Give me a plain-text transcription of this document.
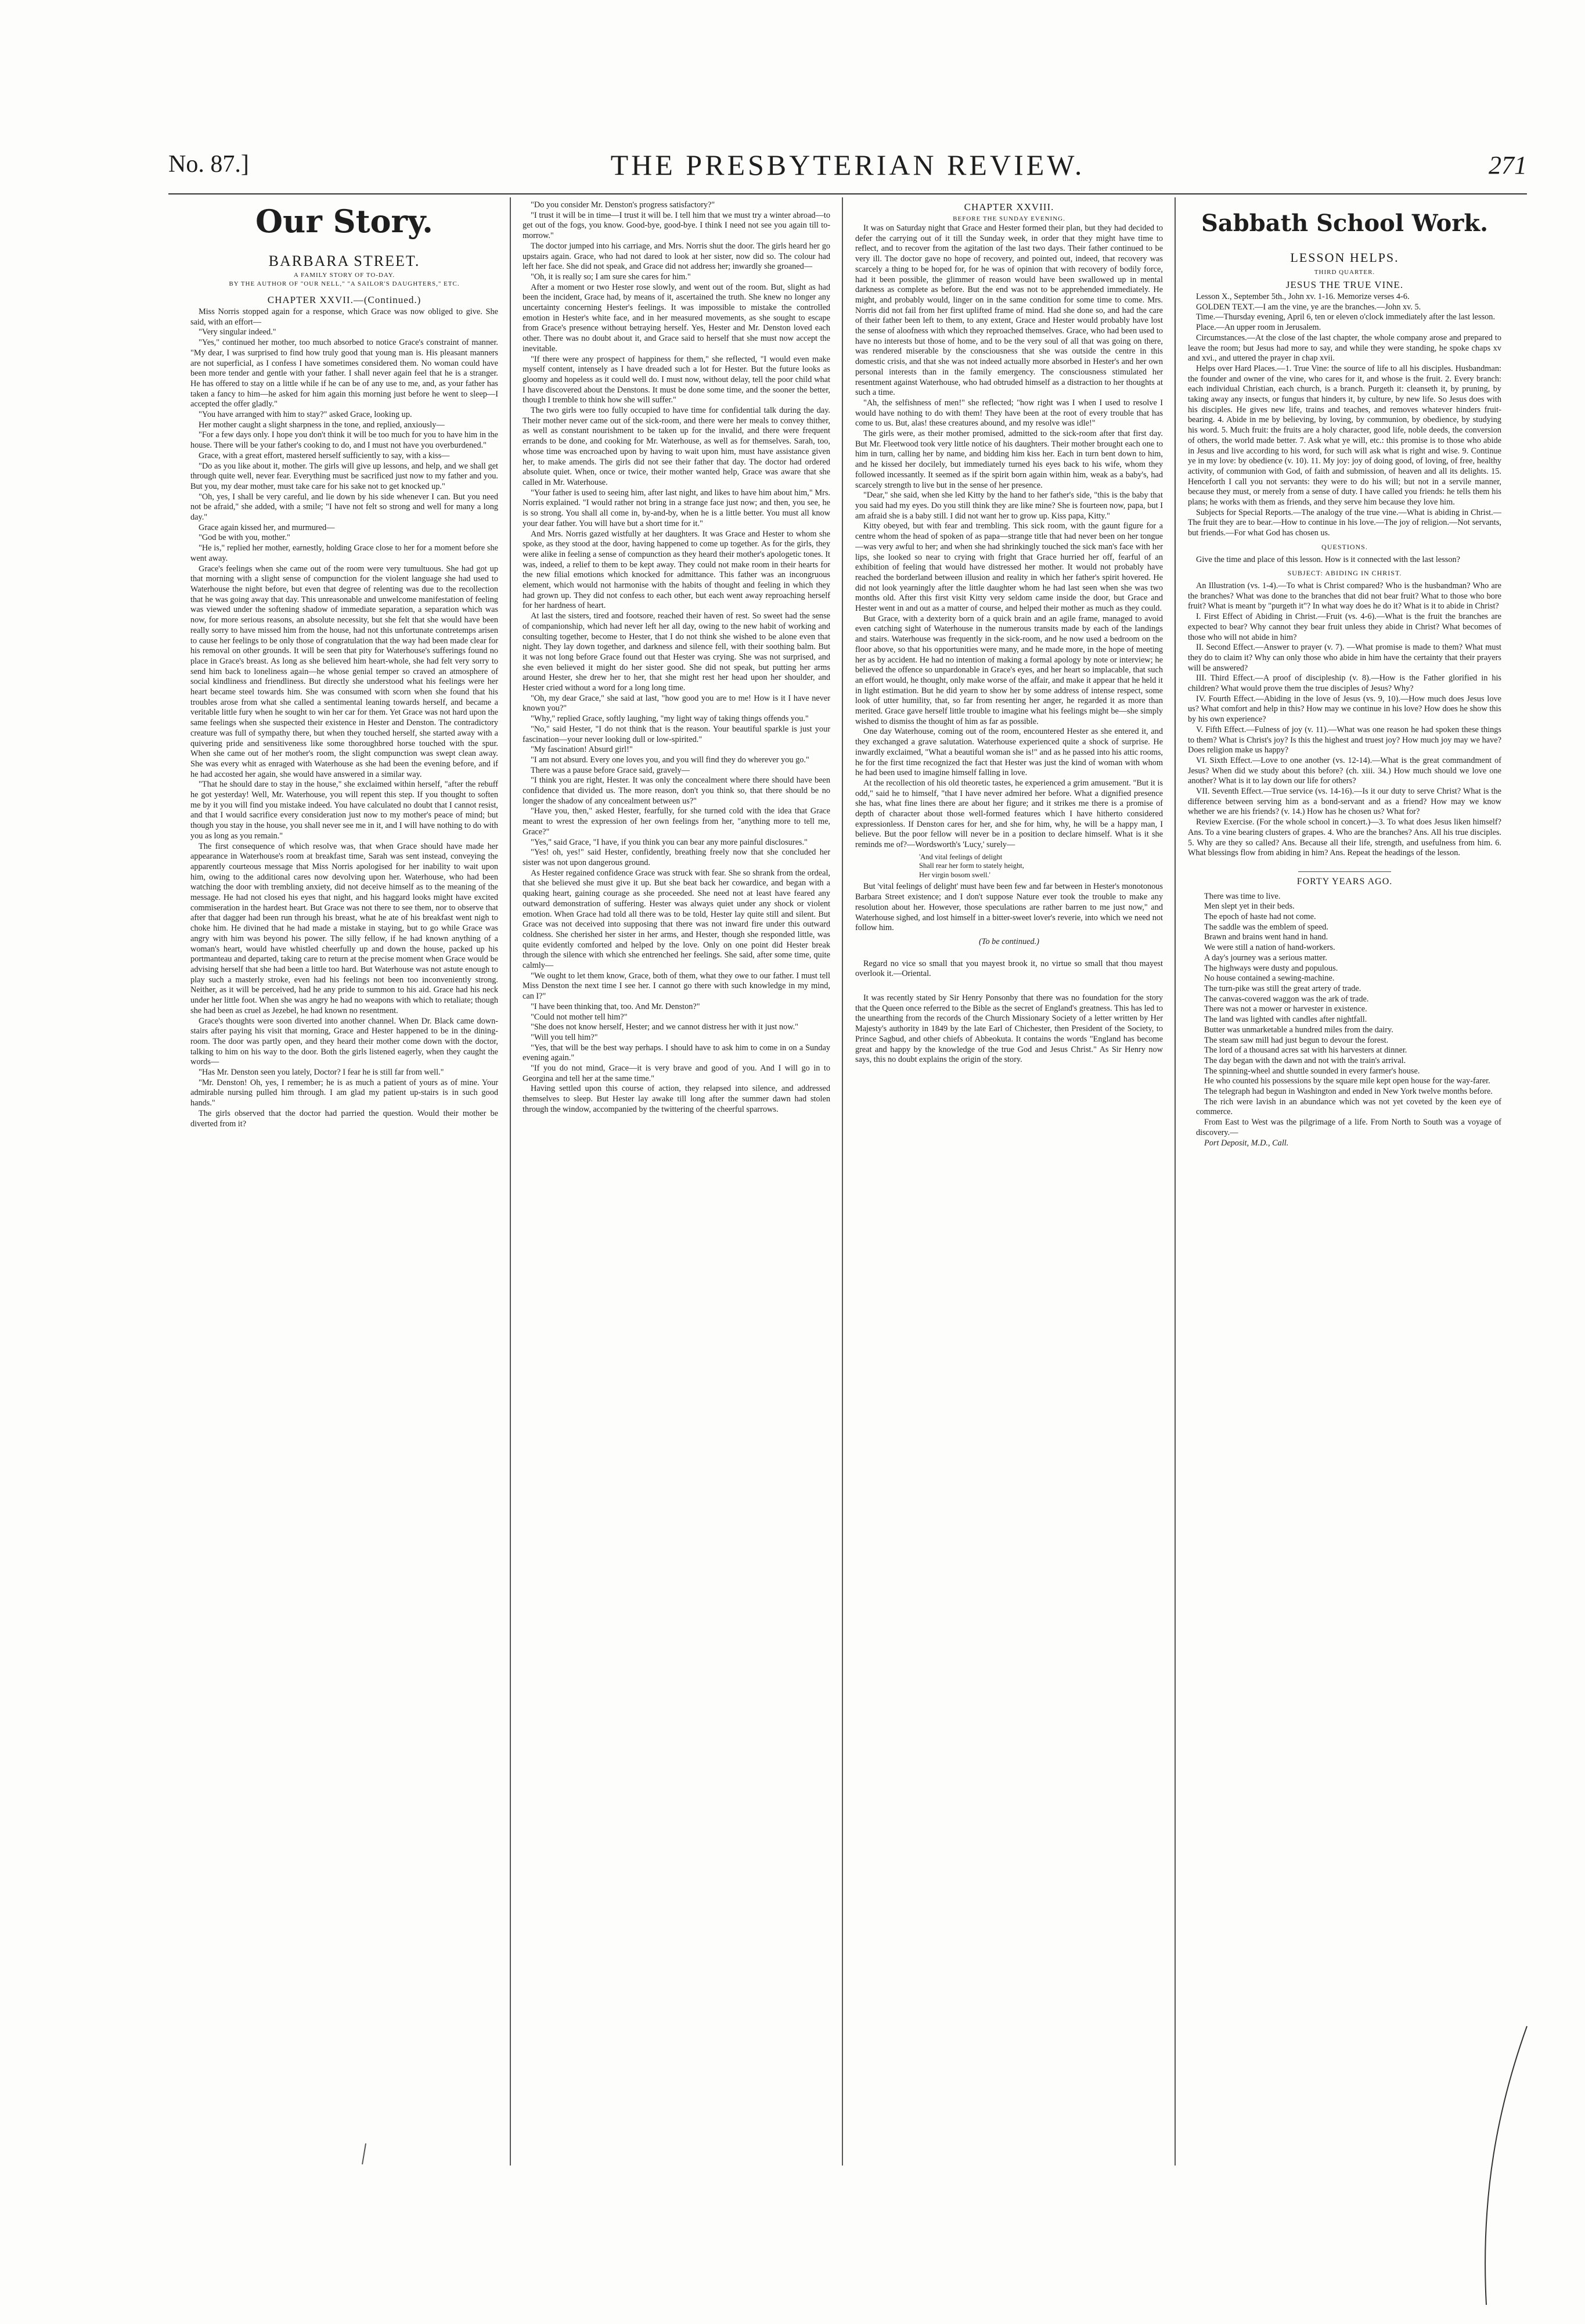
No. 87.]	THE PRESBYTERIAN REVIEW.	271
Our Story.
BARBARA STREET.
A FAMILY STORY OF TO-DAY.
BY THE AUTHOR OF "OUR NELL," "A SAILOR'S DAUGHTERS," ETC.
CHAPTER XXVII.—(Continued.)

Miss Norris stopped again for a response, which Grace was now obliged to give. She said, with an effort—

"Very singular indeed."

"Yes," continued her mother, too much absorbed to notice Grace's constraint of manner. "My dear, I was surprised to find how truly good that young man is. His pleasant manners are not superficial, as I confess I have sometimes considered them. No woman could have been more tender and gentle with your father. I shall never again feel that he is a stranger. He has offered to stay on a little while if he can be of any use to me, and, as your father has taken a fancy to him—he asked for him again this morning just before he went to sleep—I accepted the offer gladly."

"You have arranged with him to stay?" asked Grace, looking up.

Her mother caught a slight sharpness in the tone, and replied, anxiously—

"For a few days only. I hope you don't think it will be too much for you to have him in the house. There will be your father's cooking to do, and I must not have you overburdened."

Grace, with a great effort, mastered herself sufficiently to say, with a kiss—

"Do as you like about it, mother. The girls will give up lessons, and help, and we shall get through quite well, never fear. Everything must be sacrificed just now to my father and you. But you, my dear mother, must take care for his sake not to get knocked up."

"Oh, yes, I shall be very careful, and lie down by his side whenever I can. But you need not be afraid," she added, with a smile; "I have not felt so strong and well for many a long day."

Grace again kissed her, and murmured—

"God be with you, mother."

"He is," replied her mother, earnestly, holding Grace close to her for a moment before she went away.

Grace's feelings when she came out of the room were very tumultuous. She had got up that morning with a slight sense of compunction for the violent language she had used to Waterhouse the night before, but even that degree of relenting was due to the recollection that he was going away that day. This unreasonable and unwelcome manifestation of feeling was viewed under the softening shadow of immediate separation, a separation which was now, for more serious reasons, an absolute necessity, but she felt that she would have been really sorry to have missed him from the house, had not this unfortunate contretemps arisen to cause her feelings to be only those of congratulation that the way had been made clear for his removal on other grounds. It will be seen that pity for Waterhouse's sufferings found no place in Grace's breast. As long as she believed him heart-whole, she had felt very sorry to send him back to loneliness again—he whose genial temper so craved an atmosphere of social kindliness and friendliness. But directly she understood what his feelings were her heart became steel towards him. She was consumed with scorn when she found that his troubles arose from what she called a sentimental leaning towards herself, and became a veritable little fury when he sought to win her car for them. Yet Grace was not hard upon the same feelings when she suspected their existence in Hester and Denston. The contradictory creature was full of sympathy there, but when they touched herself, she started away with a quivering pride and sensitiveness like some thoroughbred horse touched with the spur. When she came out of her mother's room, the slight compunction was swept clean away. She was every whit as enraged with Waterhouse as she had been the evening before, and if he had accosted her again, she would have answered in a similar way.

"That he should dare to stay in the house," she exclaimed within herself, "after the rebuff he got yesterday! Well, Mr. Waterhouse, you will repent this step. If you thought to soften me by it you will find you mistake indeed. You have calculated no doubt that I cannot resist, and that I would sacrifice every consideration just now to my mother's peace of mind; but though you stay in the house, you shall never see me in it, and I will have nothing to do with you as long as you remain."

The first consequence of which resolve was, that when Grace should have made her appearance in Waterhouse's room at breakfast time, Sarah was sent instead, conveying the apparently courteous message that Miss Norris apologised for her inability to wait upon him, owing to the additional cares now devolving upon her. Waterhouse, who had been watching the door with trembling anxiety, did not deceive himself as to the meaning of the message. He had not closed his eyes that night, and his haggard looks might have excited commiseration in the hardest heart. But Grace was not there to see them, nor to observe that after that dagger had been run through his breast, what he ate of his breakfast went nigh to choke him. He divined that he had made a mistake in staying, but to go while Grace was angry with him was beyond his power. The silly fellow, if he had known anything of a woman's heart, would have whistled cheerfully up and down the house, packed up his portmanteau and departed, taking care to return at the precise moment when Grace would be advising herself that she had been a little too hard. But Waterhouse was not astute enough to play such a masterly stroke, even had his feelings not been too inconveniently strong. Neither, as it will be perceived, had he any pride to summon to his aid. Grace had his neck under her little foot. When she was angry he had no weapons with which to retaliate; though she had been as cruel as Jezebel, he had known no resentment.

Grace's thoughts were soon diverted into another channel. When Dr. Black came down-stairs after paying his visit that morning, Grace and Hester happened to be in the dining-room. The door was partly open, and they heard their mother come down with the doctor, talking to him on his way to the door. Both the girls listened eagerly, when they caught the words—

"Has Mr. Denston seen you lately, Doctor? I fear he is still far from well."

"Mr. Denston! Oh, yes, I remember; he is as much a patient of yours as of mine. Your admirable nursing pulled him through. I am glad my patient up-stairs is in such good hands."

The girls observed that the doctor had parried the question. Would their mother be diverted from it?

"Do you consider Mr. Denston's progress satisfactory?"

"I trust it will be in time—I trust it will be. I tell him that we must try a winter abroad—to get out of the fogs, you know. Good-bye, good-bye. I think I need not see you again till to-morrow."

The doctor jumped into his carriage, and Mrs. Norris shut the door. The girls heard her go upstairs again. Grace, who had not dared to look at her sister, now did so. The colour had left her face. She did not speak, and Grace did not address her; inwardly she groaned—

"Oh, it is really so; I am sure she cares for him."

After a moment or two Hester rose slowly, and went out of the room. But, slight as had been the incident, Grace had, by means of it, ascertained the truth. She knew no longer any uncertainty concerning Hester's feelings. It was impossible to mistake the controlled emotion in Hester's white face, and in her measured movements, as she sought to escape from Grace's presence without betraying herself. Yes, Hester and Mr. Denston loved each other. There was no doubt about it, and Grace said to herself that she must now accept the inevitable.

"If there were any prospect of happiness for them," she reflected, "I would even make myself content, intensely as I have dreaded such a lot for Hester. But the future looks as gloomy and hopeless as it could well do. I must now, without delay, tell the poor child what I have discovered about the Denstons. It must be done some time, and the sooner the better, though I tremble to think how she will suffer."

The two girls were too fully occupied to have time for confidential talk during the day. Their mother never came out of the sick-room, and there were her meals to convey thither, as well as constant nourishment to be taken up for the invalid, and there were frequent errands to be done, and cooking for Mr. Waterhouse, as well as for themselves. Sarah, too, whose time was encroached upon by having to wait upon him, must have assistance given her, to make amends. The girls did not see their father that day. The doctor had ordered absolute quiet. When, once or twice, their mother wanted help, Grace was aware that she called in Mr. Waterhouse.

"Your father is used to seeing him, after last night, and likes to have him about him," Mrs. Norris explained. "I would rather not bring in a strange face just now; and then, you see, he is so strong. You shall all come in, by-and-by, when he is a little better. You must all know your dear father. You will have but a short time for it."

And Mrs. Norris gazed wistfully at her daughters. It was Grace and Hester to whom she spoke, as they stood at the door, having happened to come up together. As for the girls, they were alike in feeling a sense of compunction as they heard their mother's apologetic tones. It was, indeed, a relief to them to be kept away. They could not make room in their hearts for the new filial emotions which knocked for admittance. This father was an incongruous element, which would not harmonise with the habits of thought and feeling in which they had grown up. They did not confess to each other, but each went away reproaching herself for her hardness of heart.

At last the sisters, tired and footsore, reached their haven of rest. So sweet had the sense of companionship, which had never left her all day, owing to the new habit of working and consulting together, become to Hester, that I do not think she wished to be alone even that night. They lay down together, and darkness and silence fell, with their soothing balm. But it was not long before Grace found out that Hester was crying. She was not surprised, and she even believed it might do her sister good. She did not speak, but putting her arms around Hester, she drew her to her, that she might rest her head upon her shoulder, and Hester cried without a word for a long long time.

"Oh, my dear Grace," she said at last, "how good you are to me! How is it I have never known you?"

"Why," replied Grace, softly laughing, "my light way of taking things offends you."

"No," said Hester, "I do not think that is the reason. Your beautiful sparkle is just your fascination—your never looking dull or low-spirited."

"My fascination! Absurd girl!"

"I am not absurd. Every one loves you, and you will find they do wherever you go."

There was a pause before Grace said, gravely—

"I think you are right, Hester. It was only the concealment where there should have been confidence that divided us. The more reason, don't you think so, that there should be no longer the shadow of any concealment between us?"

"Have you, then," asked Hester, fearfully, for she turned cold with the idea that Grace meant to wrest the expression of her own feelings from her, "anything more to tell me, Grace?"

"Yes," said Grace, "I have, if you think you can bear any more painful disclosures."

"Yes! oh, yes!" said Hester, confidently, breathing freely now that she concluded her sister was not upon dangerous ground.

As Hester regained confidence Grace was struck with fear. She so shrank from the ordeal, that she believed she must give it up. But she beat back her cowardice, and began with a quaking heart, gaining courage as she proceeded. She need not at least have feared any outward demonstration of suffering. Hester was always quiet under any shock or violent emotion. When Grace had told all there was to be told, Hester lay quite still and silent. But Grace was not deceived into supposing that there was not inward fire under this outward coldness. She cherished her sister in her arms, and Hester, though she responded little, was quite evidently comforted and helped by the love. Only on one point did Hester break through the silence with which she entrenched her feelings. She said, after some time, quite calmly—

"We ought to let them know, Grace, both of them, what they owe to our father. I must tell Miss Denston the next time I see her. I cannot go there with such knowledge in my mind, can I?"

"I have been thinking that, too. And Mr. Denston?"

"Could not mother tell him?"

"She does not know herself, Hester; and we cannot distress her with it just now."

"Will you tell him?"

"Yes, that will be the best way perhaps. I should have to ask him to come in on a Sunday evening again."

"If you do not mind, Grace—it is very brave and good of you. And I will go in to Georgina and tell her at the same time."

Having settled upon this course of action, they relapsed into silence, and addressed themselves to sleep. But Hester lay awake till long after the summer dawn had stolen through the window, accompanied by the twittering of the cheerful sparrows.

CHAPTER XXVIII.
BEFORE THE SUNDAY EVENING.

It was on Saturday night that Grace and Hester formed their plan, but they had decided to defer the carrying out of it till the Sunday week, in order that they might have time to reflect, and to recover from the agitation of the last two days. Their father continued to be very ill. The doctor gave no hope of recovery, and pointed out, indeed, that recovery was scarcely a thing to be hoped for, for he was of opinion that with recovery of bodily force, had it been possible, the glimmer of reason would have been swallowed up in mental darkness as complete as before. But the end was not to be apprehended immediately. He might, and probably would, linger on in the same condition for some time to come. Mrs. Norris did not fail from her first uplifted frame of mind. Had she done so, and had the care of their father been left to them, to any extent, Grace and Hester would probably have lost the sense of aloofness with which they reproached themselves. Grace, who had been used to have no interests but those of home, and to be the very soul of all that was going on there, was rendered miserable by the consciousness that she was outside the centre in this domestic crisis, and that she was not indeed actually more absorbed in Hester's and her own personal interests than in the family emergency. The consciousness stimulated her resentment against Waterhouse, who had obtruded himself as a distraction to her thoughts at such a time.

"Ah, the selfishness of men!" she reflected; "how right was I when I used to resolve I would have nothing to do with them! They have been at the root of every trouble that has come to us. But, alas! these creatures abound, and my resolve was idle!"

The girls were, as their mother promised, admitted to the sick-room after that first day. But Mr. Fleetwood took very little notice of his daughters. Their mother brought each one to him in turn, calling her by name, and bidding him kiss her. Each in turn bent down to him, and he kissed her docilely, but immediately turned his eyes back to his wife, whom they followed incessantly. It seemed as if the spirit born again within him, weak as a baby's, had scarcely strength to live but in the sense of her presence.

"Dear," she said, when she led Kitty by the hand to her father's side, "this is the baby that you said had my eyes. Do you still think they are like mine? She is fourteen now, papa, but I am afraid she is a baby still. I did not want her to grow up. Kiss papa, Kitty."

Kitty obeyed, but with fear and trembling. This sick room, with the gaunt figure for a centre whom the head of spoken of as papa—strange title that had never been on her tongue—was very awful to her; and when she had shrinkingly touched the sick man's face with her lips, she looked so near to crying with fright that Grace hurried her off, fearful of an exhibition of feeling that would have distressed her mother. It would not probably have reached the borderland between illusion and reality in which her father's spirit hovered. He did not look yearningly after the little daughter whom he had last seen when she was two months old. After this first visit Kitty very seldom came inside the door, but Grace and Hester went in and out as a matter of course, and helped their mother as much as they could.

But Grace, with a dexterity born of a quick brain and an agile frame, managed to avoid even catching sight of Waterhouse in the numerous transits made by each of the landings and stairs. Waterhouse was frequently in the sick-room, and he now used a bedroom on the floor above, so that his opportunities were many, and he made more, in the hope of meeting her as by accident. He had no intention of making a formal apology by note or interview; he believed the offence so unpardonable in Grace's eyes, and her heart so implacable, that such an effort would, he thought, only make worse of the affair, and make it appear that he held it in light estimation. But he did yearn to show her by some address of intense respect, some look of utter humility, that, so far from resenting her anger, he regarded it as more than merited. Grace gave herself little trouble to imagine what his feelings might be—she simply wished to dismiss the thought of him as far as possible.

One day Waterhouse, coming out of the room, encountered Hester as she entered it, and they exchanged a grave salutation. Waterhouse experienced quite a shock of surprise. He inwardly exclaimed, "What a beautiful woman she is!" and as he passed into his attic rooms, he for the first time recognized the fact that Hester was just the kind of woman with whom he had been used to imagine himself falling in love.

At the recollection of his old theoretic tastes, he experienced a grim amusement. "But it is odd," said he to himself, "that I have never admired her before. What a dignified presence she has, what fine lines there are about her figure; and it strikes me there is a promise of depth of character about those well-formed features which I have hitherto considered expressionless. If Denston cares for her, and she for him, why, he will be a happy man, I believe. But the poor fellow will never be in a position to declare himself. What is it she reminds me of?—Wordsworth's 'Lucy,' surely—

'And vital feelings of delight
Shall rear her form to stately height,
Her virgin bosom swell.'

But 'vital feelings of delight' must have been few and far between in Hester's monotonous Barbara Street existence; and I don't suppose Nature ever took the trouble to make any resolution about her. However, those speculations are rather barren to me just now," and Waterhouse sighed, and lost himself in a bitter-sweet lover's reverie, into which we need not follow him.

(To be continued.)

Regard no vice so small that you mayest brook it, no virtue so small that thou mayest overlook it.—Oriental.

It was recently stated by Sir Henry Ponsonby that there was no foundation for the story that the Queen once referred to the Bible as the secret of England's greatness. This has led to the unearthing from the records of the Church Missionary Society of a letter written by Her Majesty's authority in 1849 by the late Earl of Chichester, then President of the Society, to Prince Sagbud, and other chiefs of Abbeokuta. It contains the words "England has become great and happy by the knowledge of the true God and Jesus Christ." As Sir Henry now says, this no doubt explains the origin of the story.

Sabbath School Work.
LESSON HELPS.
THIRD QUARTER.
JESUS THE TRUE VINE.

Lesson X., September 5th., John xv. 1-16. Memorize verses 4-6.

GOLDEN TEXT.—I am the vine, ye are the branches.—John xv. 5.

Time.—Thursday evening, April 6, ten or eleven o'clock immediately after the last lesson.

Place.—An upper room in Jerusalem.

Circumstances.—At the close of the last chapter, the whole company arose and prepared to leave the room; but Jesus had more to say, and while they were standing, he spoke chaps xv and xvi., and uttered the prayer in chap xvii.

Helps over Hard Places.—1. True Vine: the source of life to all his disciples. Husbandman: the founder and owner of the vine, who cares for it, and whose is the fruit. 2. Every branch: each individual Christian, each church, is a branch. Purgeth it: cleanseth it, by pruning, by taking away any insects, or fungus that hinders it, by culture, by new life. So Jesus does with his disciples. He gives new life, trains and teaches, and removes whatever hinders fruit-bearing. 4. Abide in me by believing, by loving, by communion, by obedience, by studying his word. 5. Much fruit: the fruits are a holy character, good life, noble deeds, the conversion of others, the world made better. 7. Ask what ye will, etc.: this promise is to those who abide in Jesus and live according to his word, for such will ask what is right and wise. 9. Continue ye in my love: by obedience (v. 10). 11. My joy: joy of doing good, of loving, of free, healthy activity, of communion with God, of faith and submission, of heaven and all its delights. 15. Henceforth I call you not servants: they were to do his will; but not in a servile manner, because they must, or merely from a sense of duty. I have called you friends: he tells them his plans; he works with them as friends, and they serve him because they love him.

Subjects for Special Reports.—The analogy of the true vine.—What is abiding in Christ.—The fruit they are to bear.—How to continue in his love.—The joy of religion.—Not servants, but friends.—For what God has chosen us.

QUESTIONS.

Give the time and place of this lesson. How is it connected with the last lesson?

SUBJECT: ABIDING IN CHRIST.

An Illustration (vs. 1-4).—To what is Christ compared? Who is the husbandman? Who are the branches? What was done to the branches that did not bear fruit? What to those who bore fruit? What is meant by "purgeth it"? In what way does he do it? What is it to abide in Christ?

I. First Effect of Abiding in Christ.—Fruit (vs. 4-6).—What is the fruit the branches are expected to bear? Why cannot they bear fruit unless they abide in Christ? What becomes of those who will not abide in him?

II. Second Effect.—Answer to prayer (v. 7). —What promise is made to them? What must they do to claim it? Why can only those who abide in him have the certainty that their prayers will be answered?

III. Third Effect.—A proof of discipleship (v. 8).—How is the Father glorified in his children? What would prove them the true disciples of Jesus? Why?

IV. Fourth Effect.—Abiding in the love of Jesus (vs. 9, 10).—How much does Jesus love us? What comfort and help in this? How may we continue in his love? How does he show this by his own experience?

V. Fifth Effect.—Fulness of joy (v. 11).—What was one reason he had spoken these things to them? What is Christ's joy? Is this the highest and truest joy? How much joy may we have? Does religion make us happy?

VI. Sixth Effect.—Love to one another (vs. 12-14).—What is the great commandment of Jesus? When did we study about this before? (ch. xiii. 34.) How much should we love one another? What is it to lay down our life for others?

VII. Seventh Effect.—True service (vs. 14-16).—Is it our duty to serve Christ? What is the difference between serving him as a bond-servant and as a friend? How may we know whether we are his friends? (v. 14.) How has he chosen us? What for?

Review Exercise. (For the whole school in concert.)—3. To what does Jesus liken himself? Ans. To a vine bearing clusters of grapes. 4. Who are the branches? Ans. All his true disciples. 5. Why are they so called? Ans. Because all their life, strength, and usefulness from him. 6. What blessings flow from abiding in him? Ans. Repeat the headings of the lesson.

FORTY YEARS AGO.

There was time to live.

Men slept yet in their beds.

The epoch of haste had not come.

The saddle was the emblem of speed.

Brawn and brains went hand in hand.

We were still a nation of hand-workers.

A day's journey was a serious matter.

The highways were dusty and populous.

No house contained a sewing-machine.

The turn-pike was still the great artery of trade.

The canvas-covered waggon was the ark of trade.

There was not a mower or harvester in existence.

The land was lighted with candles after nightfall.

Butter was unmarketable a hundred miles from the dairy.

The steam saw mill had just begun to devour the forest.

The lord of a thousand acres sat with his harvesters at dinner.

The day began with the dawn and not with the train's arrival.

The spinning-wheel and shuttle sounded in every farmer's house.

He who counted his possessions by the square mile kept open house for the way-farer.

The telegraph had begun in Washington and ended in New York twelve months before.

The rich were lavish in an abundance which was not yet coveted by the keen eye of commerce.

From East to West was the pilgrimage of a life. From North to South was a voyage of discovery.—

Port Deposit, M.D., Call.
